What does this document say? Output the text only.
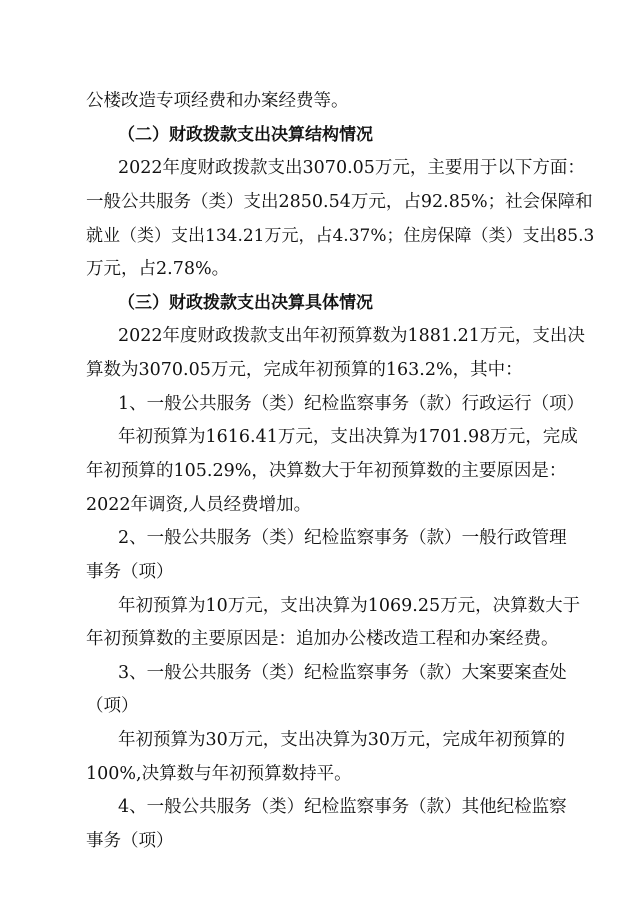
公楼改造专项经费和办案经费等。
（二）财政拨款支出决算结构情况
2022年度财政拨款支出3070.05万元，主要用于以下方面：
一般公共服务（类）支出2850.54万元，占92.85%；社会保障和
就业（类）支出134.21万元，占4.37%；住房保障（类）支出85.3
万元，占2.78%。
（三）财政拨款支出决算具体情况
2022年度财政拨款支出年初预算数为1881.21万元，支出决
算数为3070.05万元，完成年初预算的163.2%，其中：
1、一般公共服务（类）纪检监察事务（款）行政运行（项）
年初预算为1616.41万元，支出决算为1701.98万元，完成
年初预算的105.29%，决算数大于年初预算数的主要原因是：
2022年调资,人员经费增加。
2、一般公共服务（类）纪检监察事务（款）一般行政管理
事务（项）
年初预算为10万元，支出决算为1069.25万元，决算数大于
年初预算数的主要原因是：追加办公楼改造工程和办案经费。
3、一般公共服务（类）纪检监察事务（款）大案要案查处
（项）
年初预算为30万元，支出决算为30万元，完成年初预算的
100%,决算数与年初预算数持平。
4、一般公共服务（类）纪检监察事务（款）其他纪检监察
事务（项）
